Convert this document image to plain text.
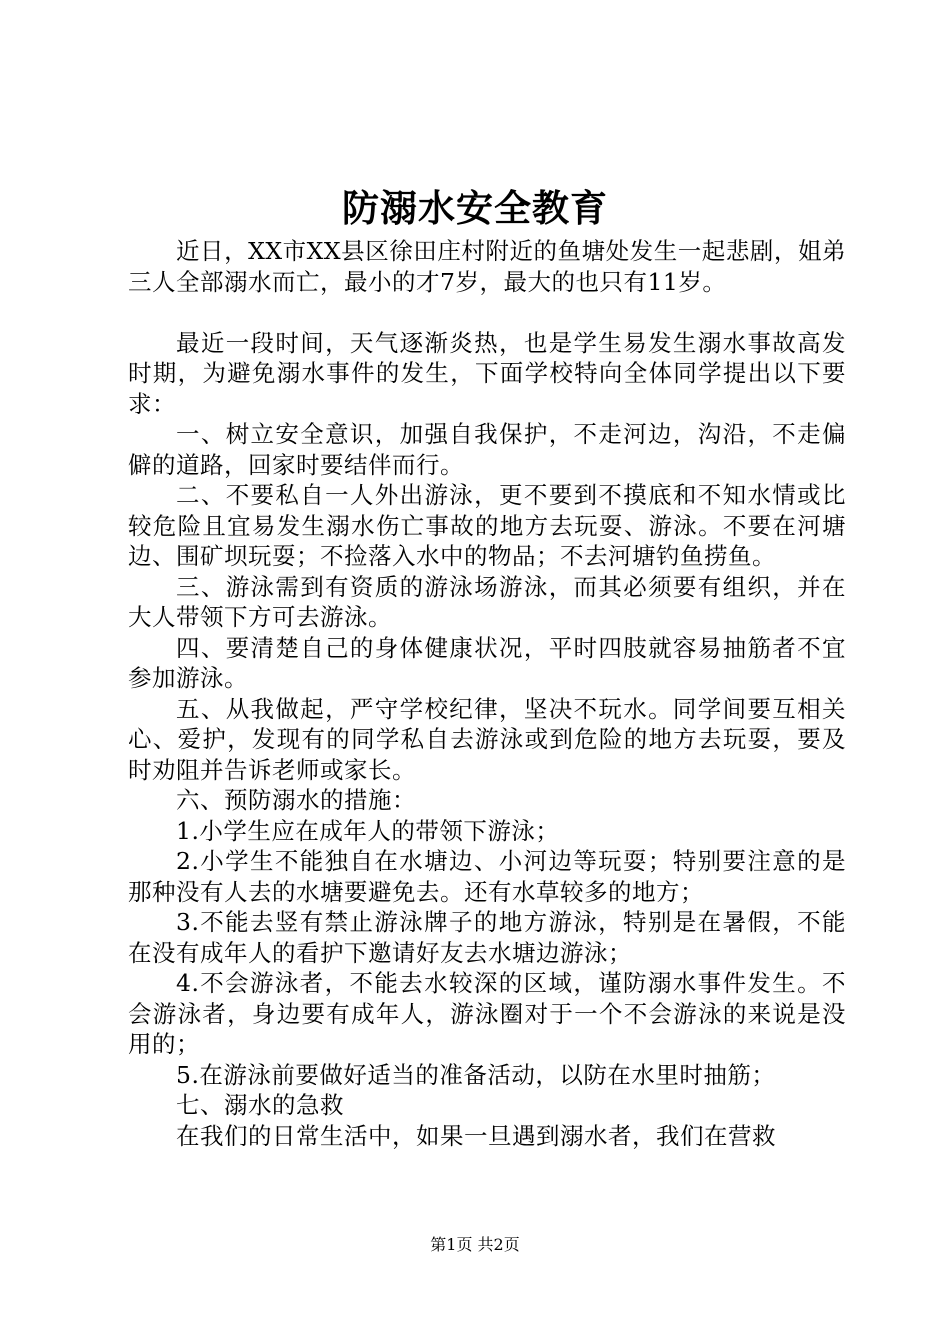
防溺水安全教育

近日，XX市XX县区徐田庄村附近的鱼塘处发生一起悲剧，姐弟三人全部溺水而亡，最小的才7岁，最大的也只有11岁。

最近一段时间，天气逐渐炎热，也是学生易发生溺水事故高发时期，为避免溺水事件的发生，下面学校特向全体同学提出以下要求：

一、树立安全意识，加强自我保护，不走河边，沟沿，不走偏僻的道路，回家时要结伴而行。

二、不要私自一人外出游泳，更不要到不摸底和不知水情或比较危险且宜易发生溺水伤亡事故的地方去玩耍、游泳。不要在河塘边、围矿坝玩耍；不捡落入水中的物品；不去河塘钓鱼捞鱼。

三、游泳需到有资质的游泳场游泳，而其必须要有组织，并在大人带领下方可去游泳。

四、要清楚自己的身体健康状况，平时四肢就容易抽筋者不宜参加游泳。

五、从我做起，严守学校纪律，坚决不玩水。同学间要互相关心、爱护，发现有的同学私自去游泳或到危险的地方去玩耍，要及时劝阻并告诉老师或家长。

六、预防溺水的措施：

1.小学生应在成年人的带领下游泳；

2.小学生不能独自在水塘边、小河边等玩耍；特别要注意的是那种没有人去的水塘要避免去。还有水草较多的地方；

3.不能去竖有禁止游泳牌子的地方游泳，特别是在暑假，不能在没有成年人的看护下邀请好友去水塘边游泳；

4.不会游泳者，不能去水较深的区域，谨防溺水事件发生。不会游泳者，身边要有成年人，游泳圈对于一个不会游泳的来说是没用的；

5.在游泳前要做好适当的准备活动，以防在水里时抽筋；

七、溺水的急救

在我们的日常生活中，如果一旦遇到溺水者，我们在营救

第1页 共2页
